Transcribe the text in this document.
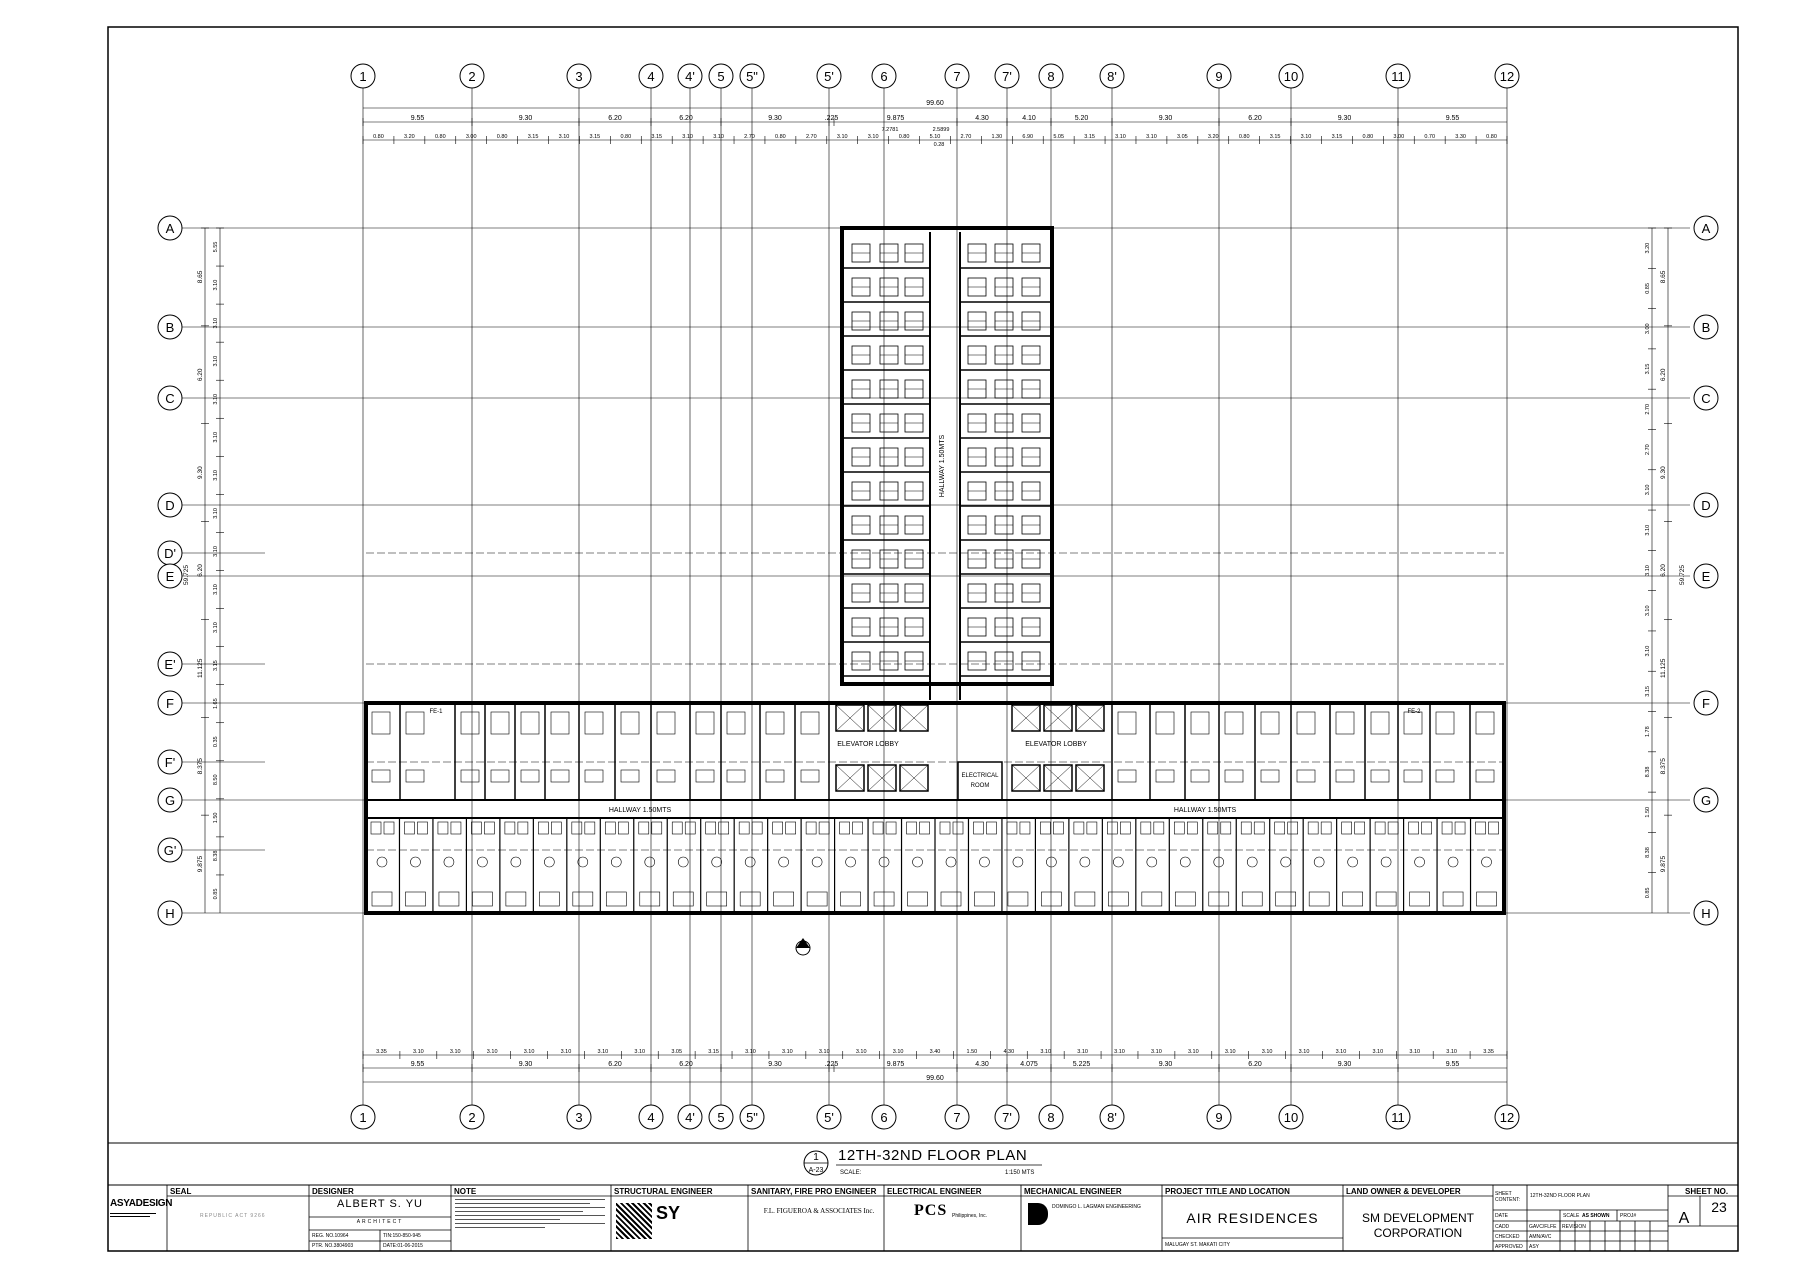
1
1
2
2
3
3
4
4
4'
4'
5
5
5"
5"
5'
5'
6
6
7
7
7'
7'
8
8
8'
8'
9
9
10
10
11
11
12
12
A	A
B	B
C	C
D	D
D'
E	E
E'
F	F
F'
G	G
G'
H	H
99.60
9.55	9.30	6.20	6.20	9.30	.225	9.875	4.30	4.10	5.20	9.30	6.20	9.30	9.55
0.80	3.20	0.80	3.00	0.80	3.15	3.10	3.15	0.80	3.15	3.10	3.10	2.70	0.80	2.70	3.10	3.10	0.80	5.10	2.70	1.30	6.90	5.05	3.15	3.10	3.10	3.05	3.20	0.80	3.15	3.10	3.15	0.80	3.00	0.70	3.30	0.80
7.2781	2.5899
0.28
3.35	3.10	3.10	3.10	3.10	3.10	3.10	3.10	3.05	3.15	3.10	3.10	3.10	3.10	3.10	3.40	1.50	4.30	3.10	3.10	3.10	3.10	3.10	3.10	3.10	3.10	3.10	3.10	3.10	3.10	3.35
9.55	9.30	6.20	6.20	9.30	.225	9.875	4.30	4.075	5.225	9.30	6.20	9.30	9.55
99.60
5.55
3.10
3.10
3.10
3.10
3.10
3.10
3.10
3.10
3.10
3.10
3.15
1.65
0.35
8.50
1.50
8.38
0.85
8.65
6.20
9.30
6.20
11.125
8.375
9.875
59.725
3.20
0.85
3.00
3.15
2.70
2.70
3.10
3.10
3.10
3.10
3.10
3.15
1.78
8.38
1.50
8.38
0.85
8.65
6.20
9.30
6.20
11.125
8.375
9.875
59.725
HALLWAY 1.50MTS
HALLWAY 1.50MTS	HALLWAY 1.50MTS
ELEVATOR LOBBY	ELEVATOR LOBBY
ELECTRICAL
ROOM
FE-1	FE-2
1
A-23
12TH-32ND FLOOR PLAN
SCALE:	1:150 MTS
ASYADESIGN
SEAL
REPUBLIC ACT 9266
DESIGNER
ALBERT S. YU
ARCHITECT
REG. NO.10964	TIN:150-850-945
PTR. NO.3804903	DATE:01-06-2015
NOTE	STRUCTURAL ENGINEER
SY
SANITARY, FIRE PRO ENGINEER
F.L. FIGUEROA & ASSOCIATES Inc.
ELECTRICAL ENGINEER
PCS Philippines, Inc.
MECHANICAL ENGINEER
DOMINGO L. LAGMAN ENGINEERING
PROJECT TITLE AND LOCATION
AIR RESIDENCES
MALUGAY ST. MAKATI CITY
LAND OWNER & DEVELOPER
SM DEVELOPMENT
CORPORATION
SHEET CONTENT:
12TH-32ND FLOOR PLAN
DATE	SCALE AS SHOWN PROJ#
CADD	GAVC/FLFE REVISION
CHECKED AMN/AVC
APPROVED ASY
SHEET NO.
A
23
